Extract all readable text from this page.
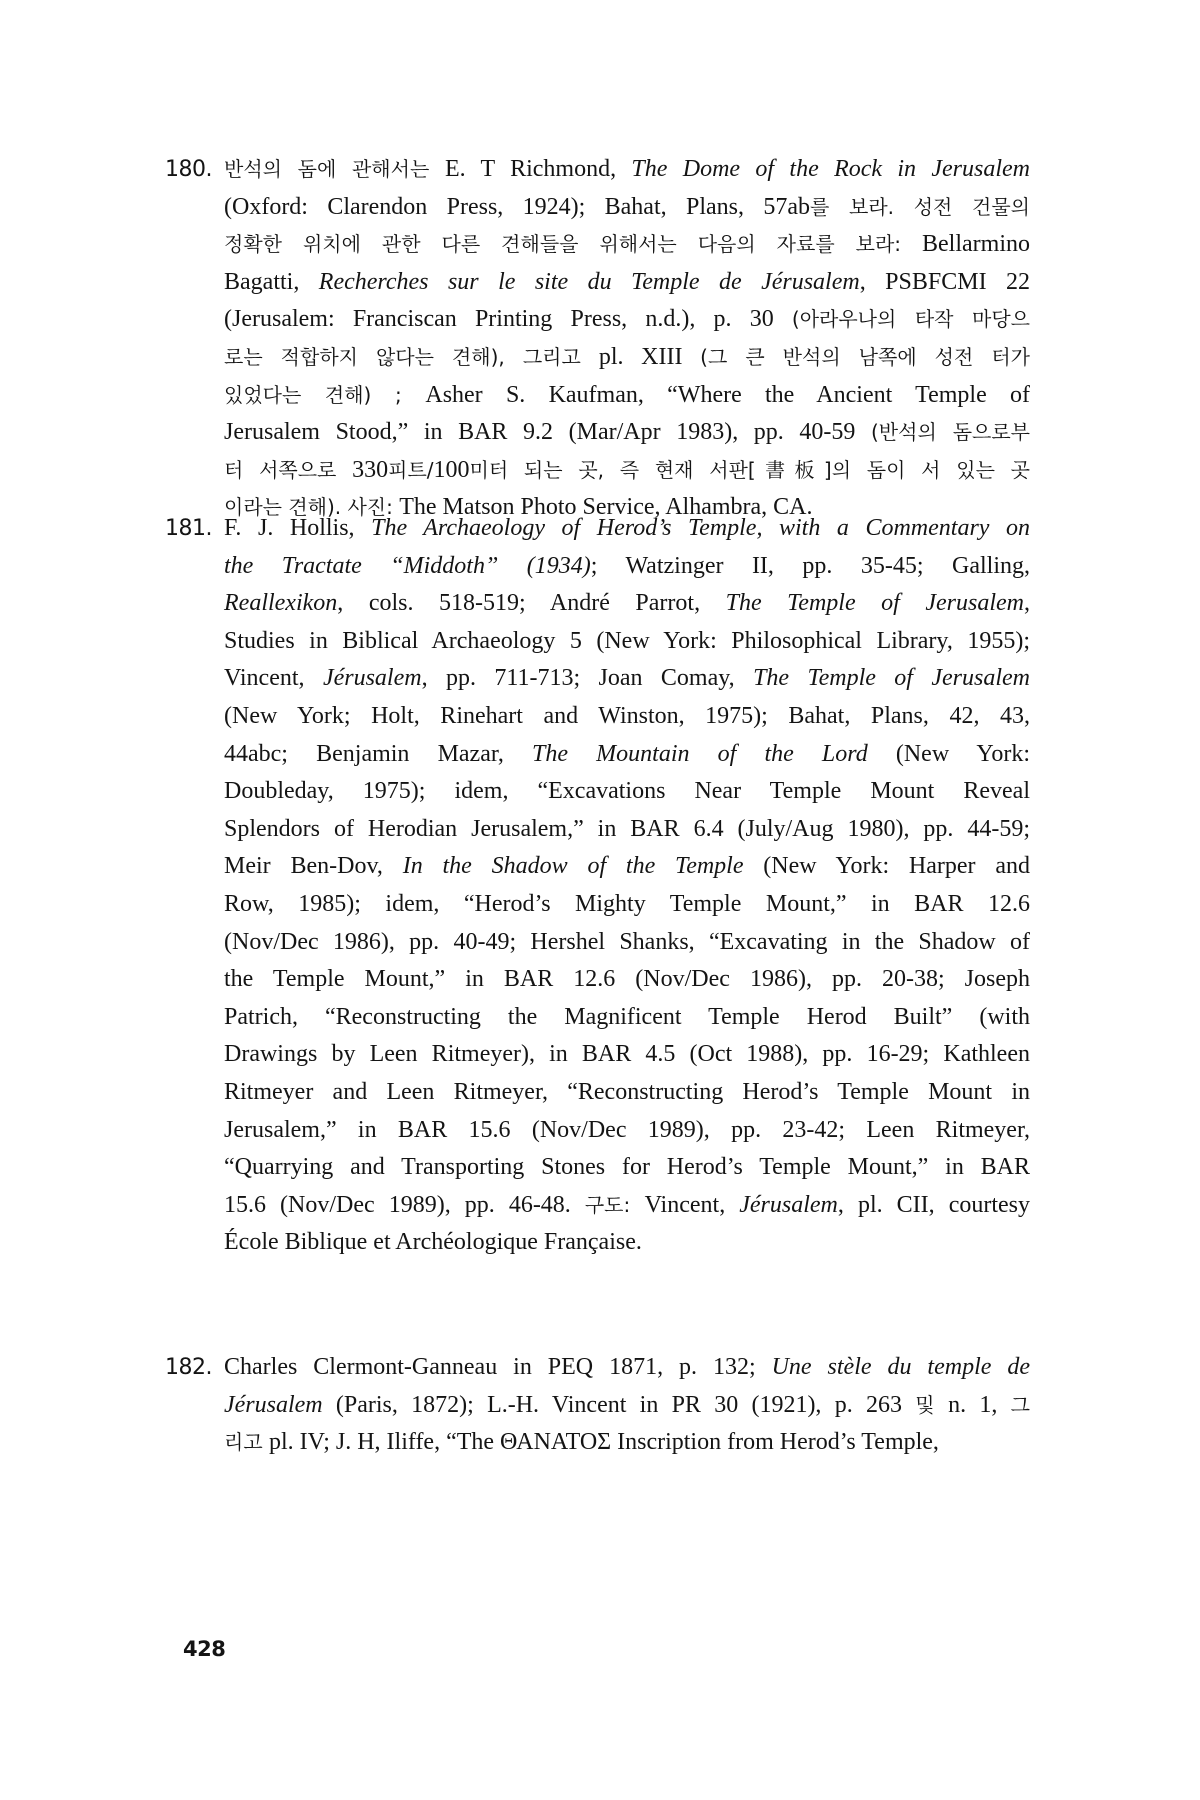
180. 반석의 돔에 관해서는 E. T Richmond, The Dome of the Rock in Jerusalem
(Oxford: Clarendon Press, 1924); Bahat, Plans, 57ab를 보라. 성전 건물의
정확한 위치에 관한 다른 견해들을 위해서는 다음의 자료를 보라: Bellarmino
Bagatti, Recherches sur le site du Temple de Jérusalem, PSBFCMI 22
(Jerusalem: Franciscan Printing Press, n.d.), p. 30 (아라우나의 타작 마당으
로는 적합하지 않다는 견해), 그리고 pl. XIII (그 큰 반석의 남쪽에 성전 터가
있었다는 견해) ; Asher S. Kaufman, “Where the Ancient Temple of
Jerusalem Stood,” in BAR 9.2 (Mar/Apr 1983), pp. 40-59 (반석의 돔으로부
터 서쪽으로 330피트/100미터 되는 곳, 즉 현재 서판[書板]의 돔이 서 있는 곳
이라는 견해). 사진: The Matson Photo Service, Alhambra, CA.
181. F. J. Hollis, The Archaeology of Herod’s Temple, with a Commentary on
the Tractate “Middoth” (1934); Watzinger II, pp. 35-45; Galling,
Reallexikon, cols. 518-519; André Parrot, The Temple of Jerusalem,
Studies in Biblical Archaeology 5 (New York: Philosophical Library, 1955);
Vincent, Jérusalem, pp. 711-713; Joan Comay, The Temple of Jerusalem
(New York; Holt, Rinehart and Winston, 1975); Bahat, Plans, 42, 43,
44abc; Benjamin Mazar, The Mountain of the Lord (New York:
Doubleday, 1975); idem, “Excavations Near Temple Mount Reveal
Splendors of Herodian Jerusalem,” in BAR 6.4 (July/Aug 1980), pp. 44-59;
Meir Ben-Dov, In the Shadow of the Temple (New York: Harper and
Row, 1985); idem, “Herod’s Mighty Temple Mount,” in BAR 12.6
(Nov/Dec 1986), pp. 40-49; Hershel Shanks, “Excavating in the Shadow of
the Temple Mount,” in BAR 12.6 (Nov/Dec 1986), pp. 20-38; Joseph
Patrich, “Reconstructing the Magnificent Temple Herod Built” (with
Drawings by Leen Ritmeyer), in BAR 4.5 (Oct 1988), pp. 16-29; Kathleen
Ritmeyer and Leen Ritmeyer, “Reconstructing Herod’s Temple Mount in
Jerusalem,” in BAR 15.6 (Nov/Dec 1989), pp. 23-42; Leen Ritmeyer,
“Quarrying and Transporting Stones for Herod’s Temple Mount,” in BAR
15.6 (Nov/Dec 1989), pp. 46-48. 구도: Vincent, Jérusalem, pl. CII, courtesy
École Biblique et Archéologique Française.
182. Charles Clermont-Ganneau in PEQ 1871, p. 132; Une stèle du temple de
Jérusalem (Paris, 1872); L.-H. Vincent in PR 30 (1921), p. 263 및 n. 1, 그
리고 pl. IV; J. H, Iliffe, “The ΘΑΝΑΤΟΣ Inscription from Herod’s Temple,
428
